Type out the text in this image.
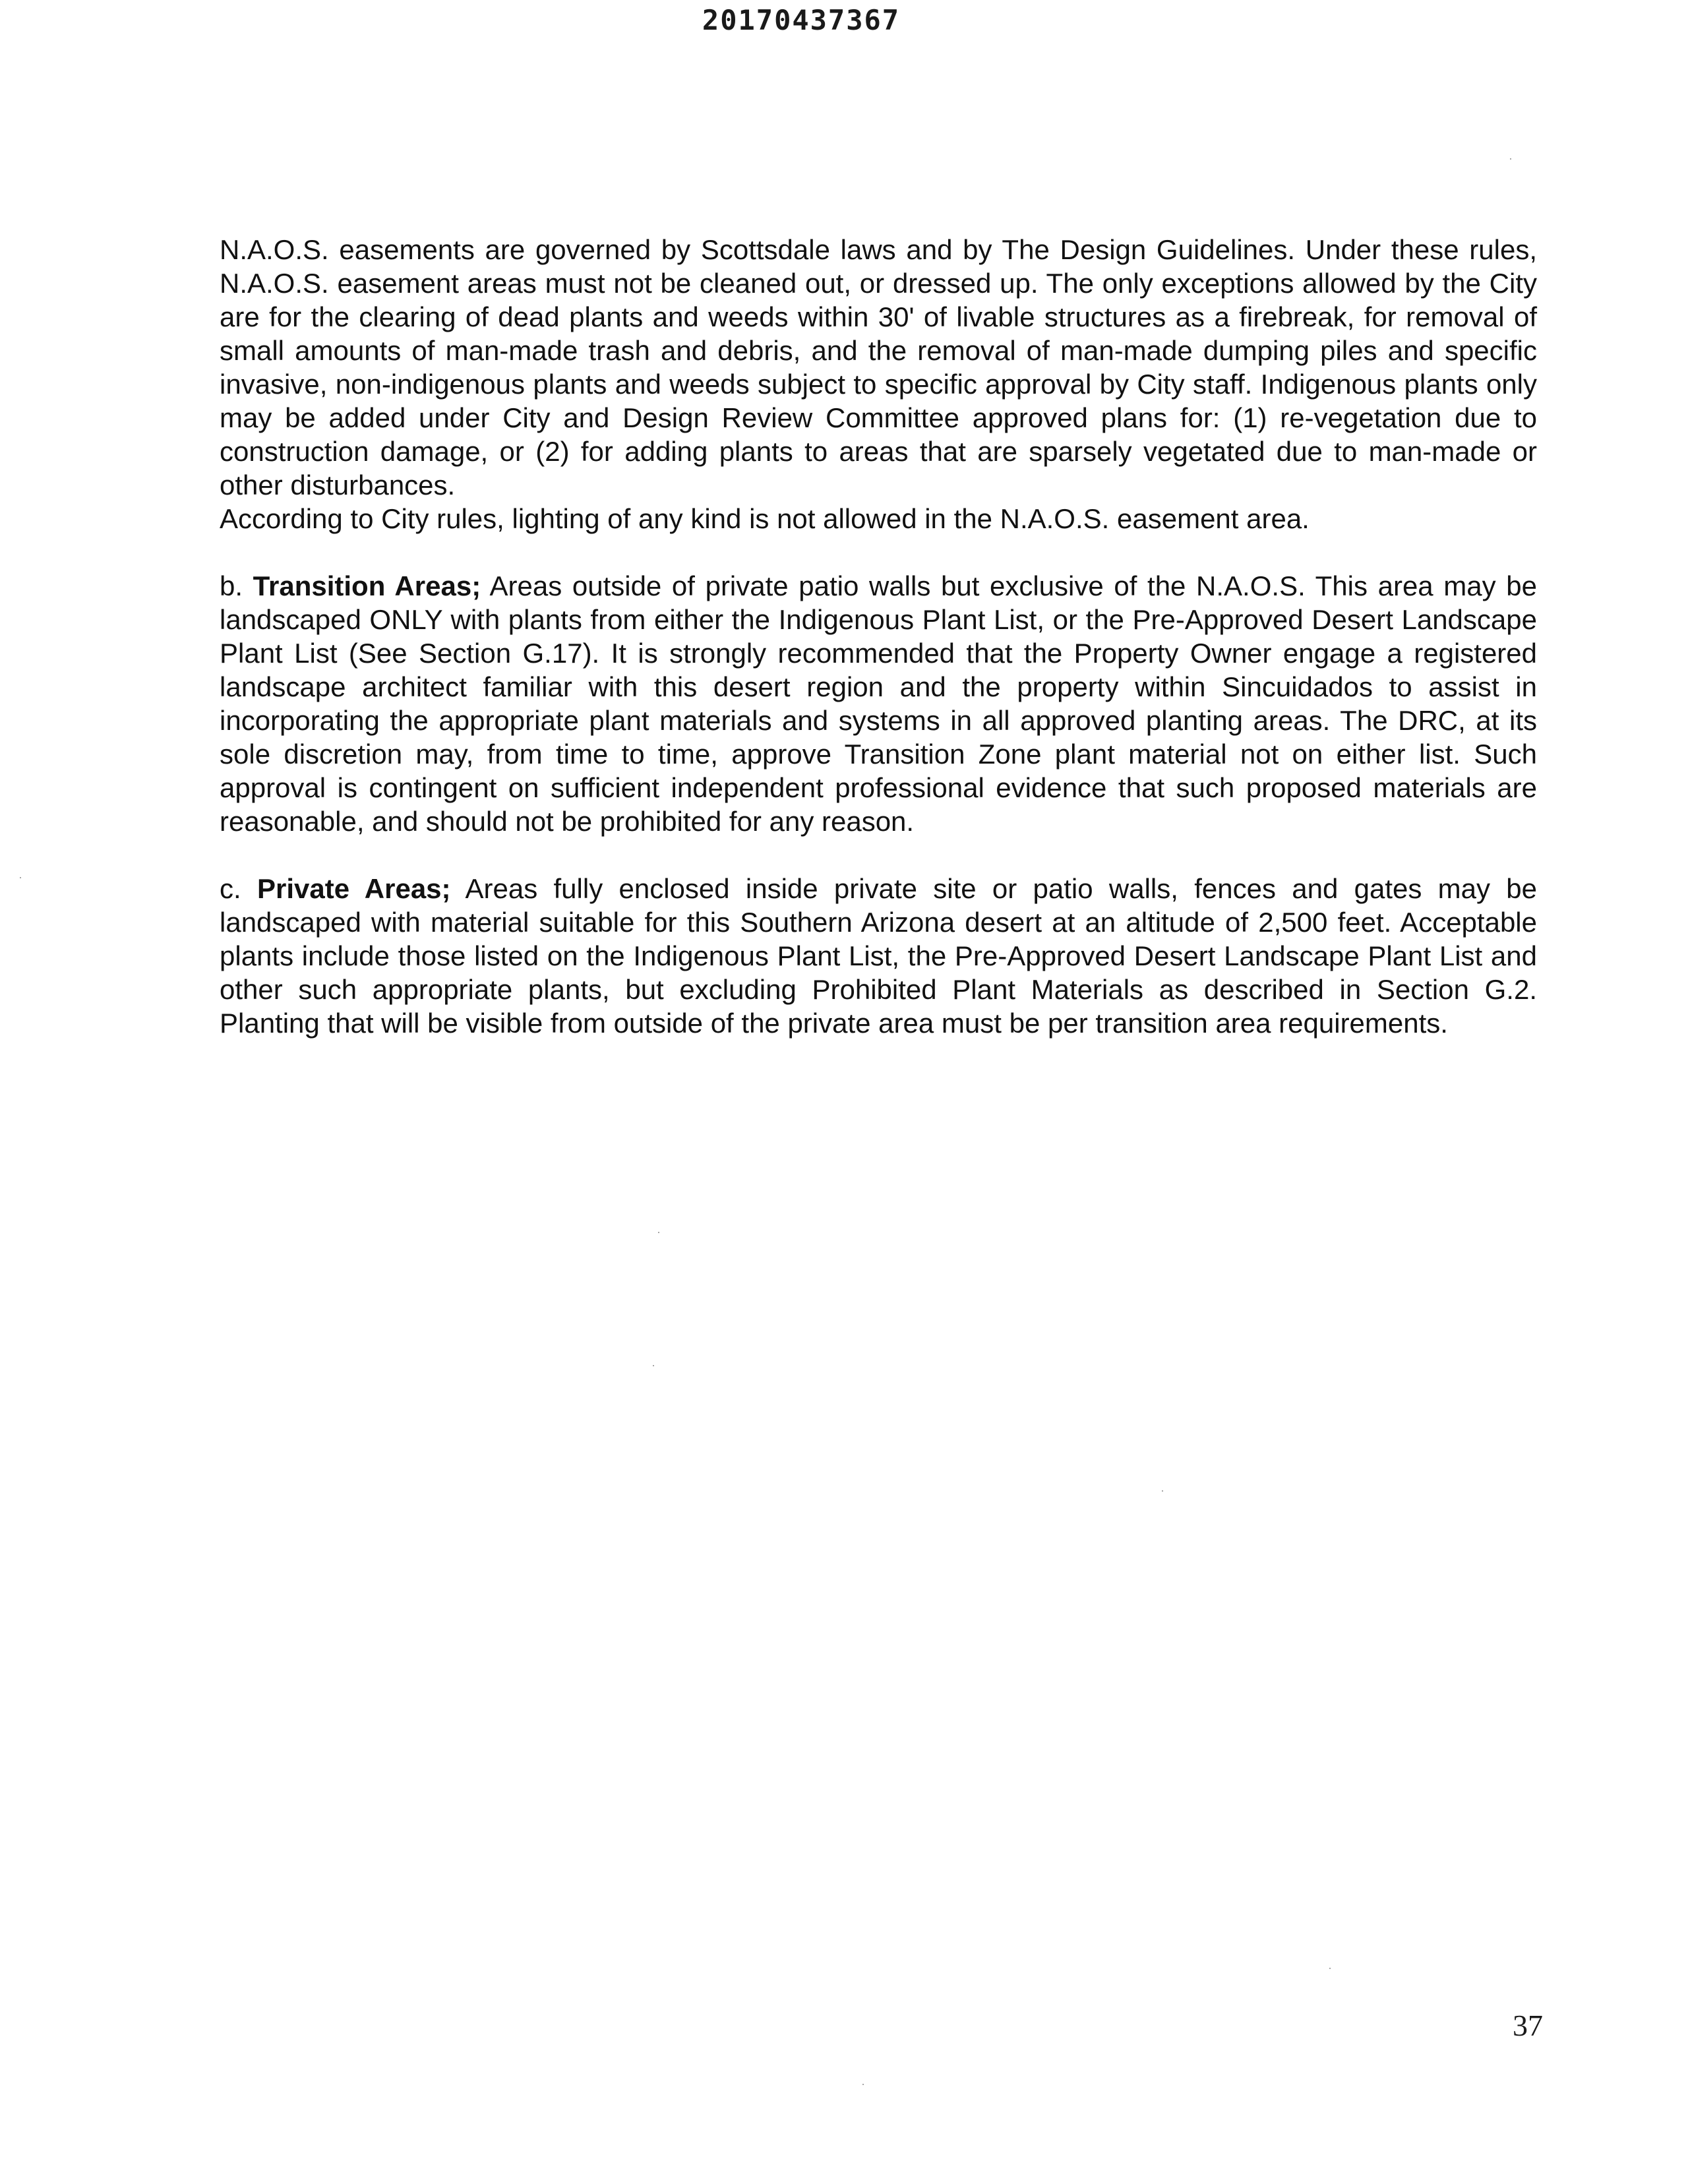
20170437367

N.A.O.S. easements are governed by Scottsdale laws and by The Design Guidelines. Under these rules, N.A.O.S. easement areas must not be cleaned out, or dressed up. The only exceptions allowed by the City are for the clearing of dead plants and weeds within 30' of livable structures as a firebreak, for removal of small amounts of man-made trash and debris, and the removal of man-made dumping piles and specific invasive, non-indigenous plants and weeds subject to specific approval by City staff. Indigenous plants only may be added under City and Design Review Committee approved plans for: (1) re-vegetation due to construction damage, or (2) for adding plants to areas that are sparsely vegetated due to man-made or other disturbances.

According to City rules, lighting of any kind is not allowed in the N.A.O.S. easement area.

b. Transition Areas; Areas outside of private patio walls but exclusive of the N.A.O.S. This area may be landscaped ONLY with plants from either the Indigenous Plant List, or the Pre-Approved Desert Landscape Plant List (See Section G.17). It is strongly recommended that the Property Owner engage a registered landscape architect familiar with this desert region and the property within Sincuidados to assist in incorporating the appropriate plant materials and systems in all approved planting areas. The DRC, at its sole discretion may, from time to time, approve Transition Zone plant material not on either list. Such approval is contingent on sufficient independent professional evidence that such proposed materials are reasonable, and should not be prohibited for any reason.

c. Private Areas; Areas fully enclosed inside private site or patio walls, fences and gates may be landscaped with material suitable for this Southern Arizona desert at an altitude of 2,500 feet. Acceptable plants include those listed on the Indigenous Plant List, the Pre-Approved Desert Landscape Plant List and other such appropriate plants, but excluding Prohibited Plant Materials as described in Section G.2. Planting that will be visible from outside of the private area must be per transition area requirements.

37
